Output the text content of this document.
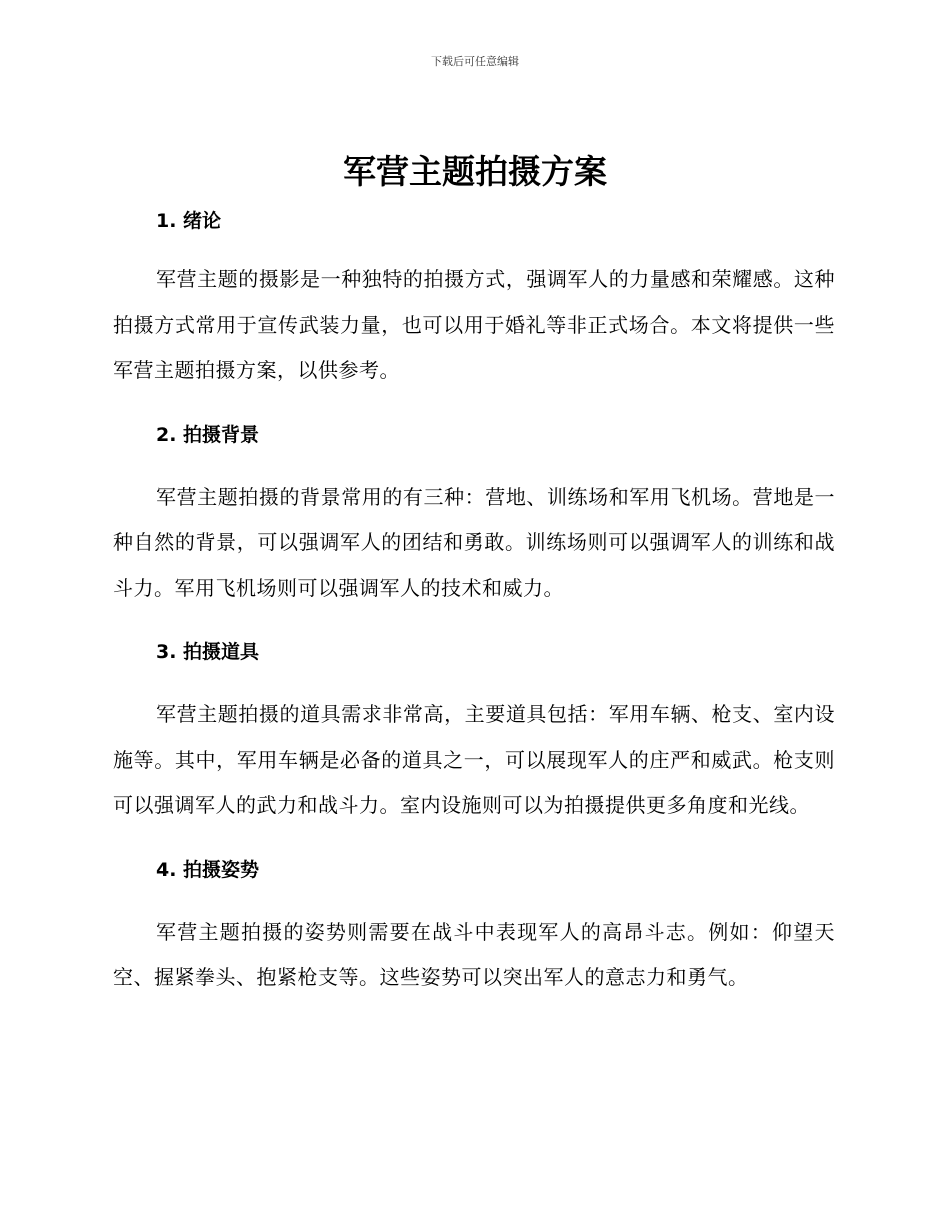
下载后可任意编辑
军营主题拍摄方案
1. 绪论

军营主题的摄影是一种独特的拍摄方式，强调军人的力量感和荣耀感。这种拍摄方式常用于宣传武装力量，也可以用于婚礼等非正式场合。本文将提供一些军营主题拍摄方案，以供参考。

2. 拍摄背景

军营主题拍摄的背景常用的有三种：营地、训练场和军用飞机场。营地是一种自然的背景，可以强调军人的团结和勇敢。训练场则可以强调军人的训练和战斗力。军用飞机场则可以强调军人的技术和威力。

3. 拍摄道具

军营主题拍摄的道具需求非常高，主要道具包括：军用车辆、枪支、室内设施等。其中，军用车辆是必备的道具之一，可以展现军人的庄严和威武。枪支则可以强调军人的武力和战斗力。室内设施则可以为拍摄提供更多角度和光线。

4. 拍摄姿势

军营主题拍摄的姿势则需要在战斗中表现军人的高昂斗志。例如：仰望天空、握紧拳头、抱紧枪支等。这些姿势可以突出军人的意志力和勇气。
